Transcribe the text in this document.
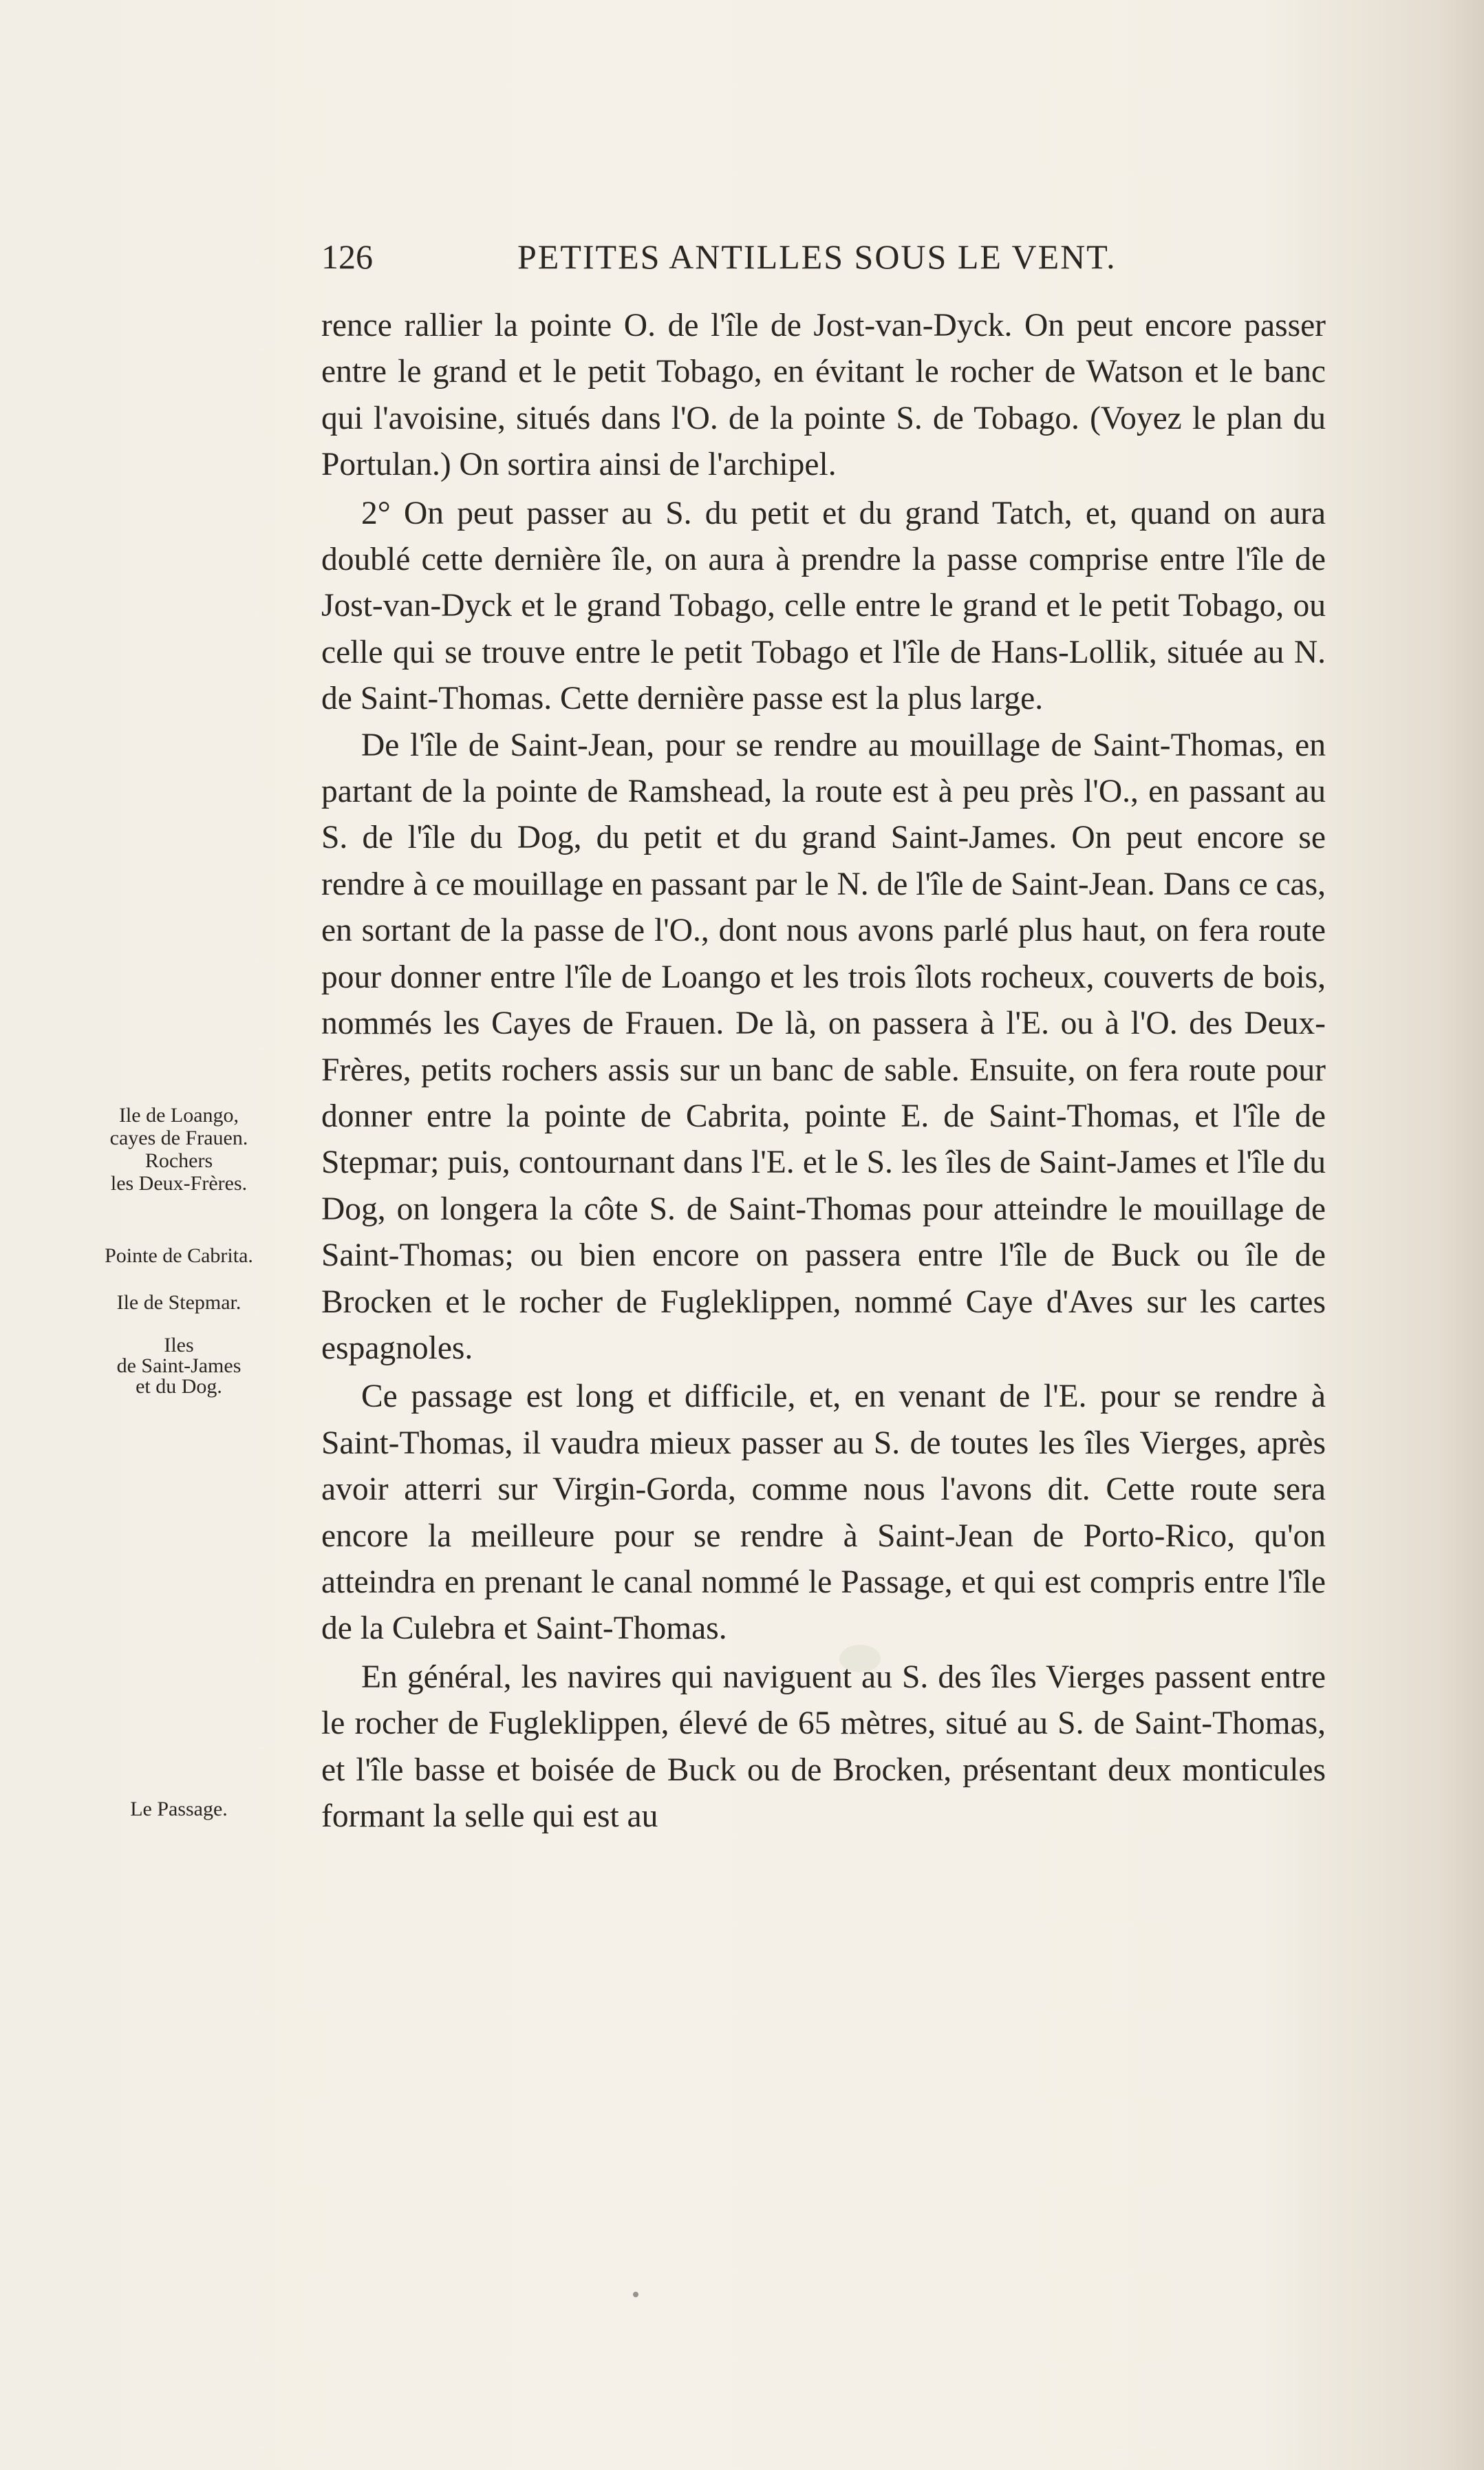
126	PETITES ANTILLES SOUS LE VENT.

rence rallier la pointe O. de l'île de Jost-van-Dyck. On peut encore passer entre le grand et le petit Tobago, en évitant le rocher de Watson et le banc qui l'avoisine, situés dans l'O. de la pointe S. de Tobago. (Voyez le plan du Portulan.) On sortira ainsi de l'archipel.

2° On peut passer au S. du petit et du grand Tatch, et, quand on aura doublé cette dernière île, on aura à prendre la passe comprise entre l'île de Jost-van-Dyck et le grand Tobago, celle entre le grand et le petit Tobago, ou celle qui se trouve entre le petit Tobago et l'île de Hans-Lollik, située au N. de Saint-Thomas. Cette dernière passe est la plus large.

De l'île de Saint-Jean, pour se rendre au mouillage de Saint-Thomas, en partant de la pointe de Ramshead, la route est à peu près l'O., en passant au S. de l'île du Dog, du petit et du grand Saint-James. On peut encore se rendre à ce mouillage en passant par le N. de l'île de Saint-Jean. Dans ce cas, en sortant de la passe de l'O., dont nous avons parlé plus haut, on fera route pour donner entre l'île de Loango et les trois îlots rocheux, couverts de bois, nommés les Cayes de Frauen. De là, on passera à l'E. ou à l'O. des Deux-Frères, petits rochers assis sur un banc de sable. Ensuite, on fera route pour donner entre la pointe de Cabrita, pointe E. de Saint-Thomas, et l'île de Stepmar; puis, contournant dans l'E. et le S. les îles de Saint-James et l'île du Dog, on longera la côte S. de Saint-Thomas pour atteindre le mouillage de Saint-Thomas; ou bien encore on passera entre l'île de Buck ou île de Brocken et le rocher de Fugleklippen, nommé Caye d'Aves sur les cartes espagnoles.

Ce passage est long et difficile, et, en venant de l'E. pour se rendre à Saint-Thomas, il vaudra mieux passer au S. de toutes les îles Vierges, après avoir atterri sur Virgin-Gorda, comme nous l'avons dit. Cette route sera encore la meilleure pour se rendre à Saint-Jean de Porto-Rico, qu'on atteindra en prenant le canal nommé le Passage, et qui est compris entre l'île de la Culebra et Saint-Thomas.

En général, les navires qui naviguent au S. des îles Vierges passent entre le rocher de Fugleklippen, élevé de 65 mètres, situé au S. de Saint-Thomas, et l'île basse et boisée de Buck ou de Brocken, présentant deux monticules formant la selle qui est au

Ile de Loango,
cayes de Frauen.
Rochers
les Deux-Frères.
Pointe de Cabrita.
Ile de Stepmar.
Iles
de Saint-James
et du Dog.
Le Passage.
